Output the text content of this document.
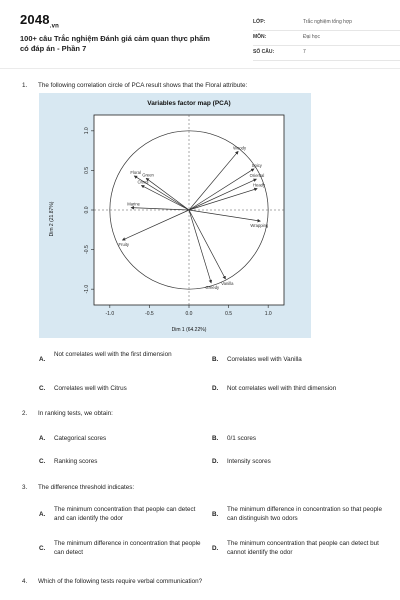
$2048_{.vn}$
100+ câu Trắc nghiệm Đánh giá cảm quan thực phẩm có đáp án - Phần 7
LỚP:	Trắc nghiệm tổng hợp
MÔN:	Đại học
SỐ CÂU:	7
1. The following correlation circle of PCA result shows that the Floral attribute:
Variables factor map (PCA)
Dim 1 (64.22%)
Dim 2 (21.87%)
-1.0	-0.5	0.0	0.5	1.0
-1.0
-0.5
0.0
0.5
1.0
Woody
Spicy
Oriental
Heady
Wrapping
Vanilla
Greedy
Floral Green
Citrus
Marine
Fruity
A.
Not correlates well with the first dimension
B. Correlates well with Vanilla
C. Correlates well with Citrus	D. Not correlates well with third dimension
2. In ranking tests, we obtain:
A. Categorical scores	B. 0/1 scores
C. Ranking scores	D. Intensity scores
3. The difference threshold indicates:
A.
The minimum concentration that people can detect and can identify the odor
B.
The minimum difference in concentration so that people can distinguish two odors
C.
The minimum difference in concentration that people can detect
D.
The minimum concentration that people can detect but cannot identify the odor
4. Which of the following tests require verbal communication?
